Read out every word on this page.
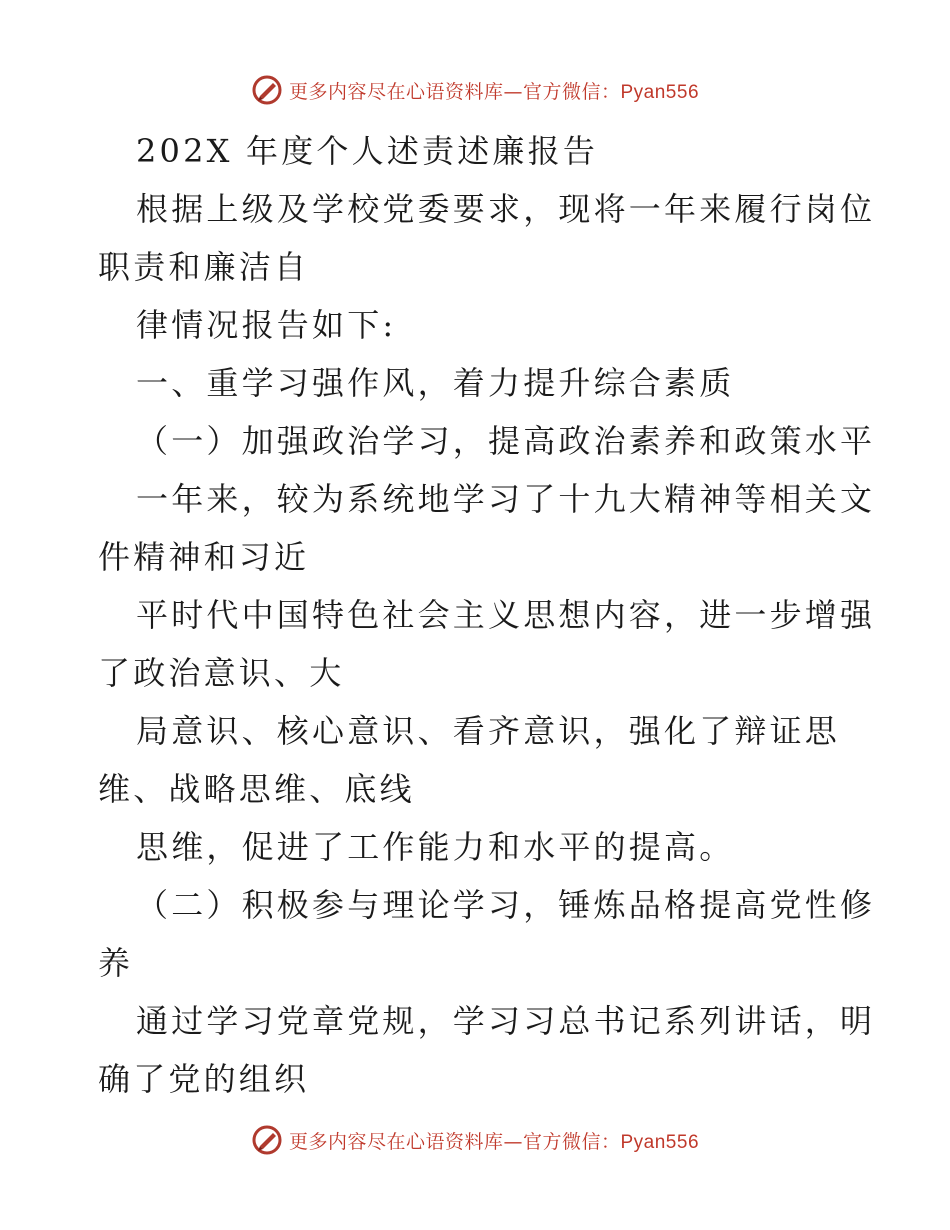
更多内容尽在心语资料库—官方微信：Pyan556
202X 年度个人述责述廉报告
根据上级及学校党委要求，现将一年来履行岗位
职责和廉洁自
律情况报告如下:
一、重学习强作风，着力提升综合素质
（一）加强政治学习，提高政治素养和政策水平
一年来，较为系统地学习了十九大精神等相关文
件精神和习近
平时代中国特色社会主义思想内容，进一步增强
了政治意识、大
局意识、核心意识、看齐意识，强化了辩证思
维、战略思维、底线
思维，促进了工作能力和水平的提高。
（二）积极参与理论学习，锤炼品格提高党性修
养
通过学习党章党规，学习习总书记系列讲话，明
确了党的组织
更多内容尽在心语资料库—官方微信：Pyan556
